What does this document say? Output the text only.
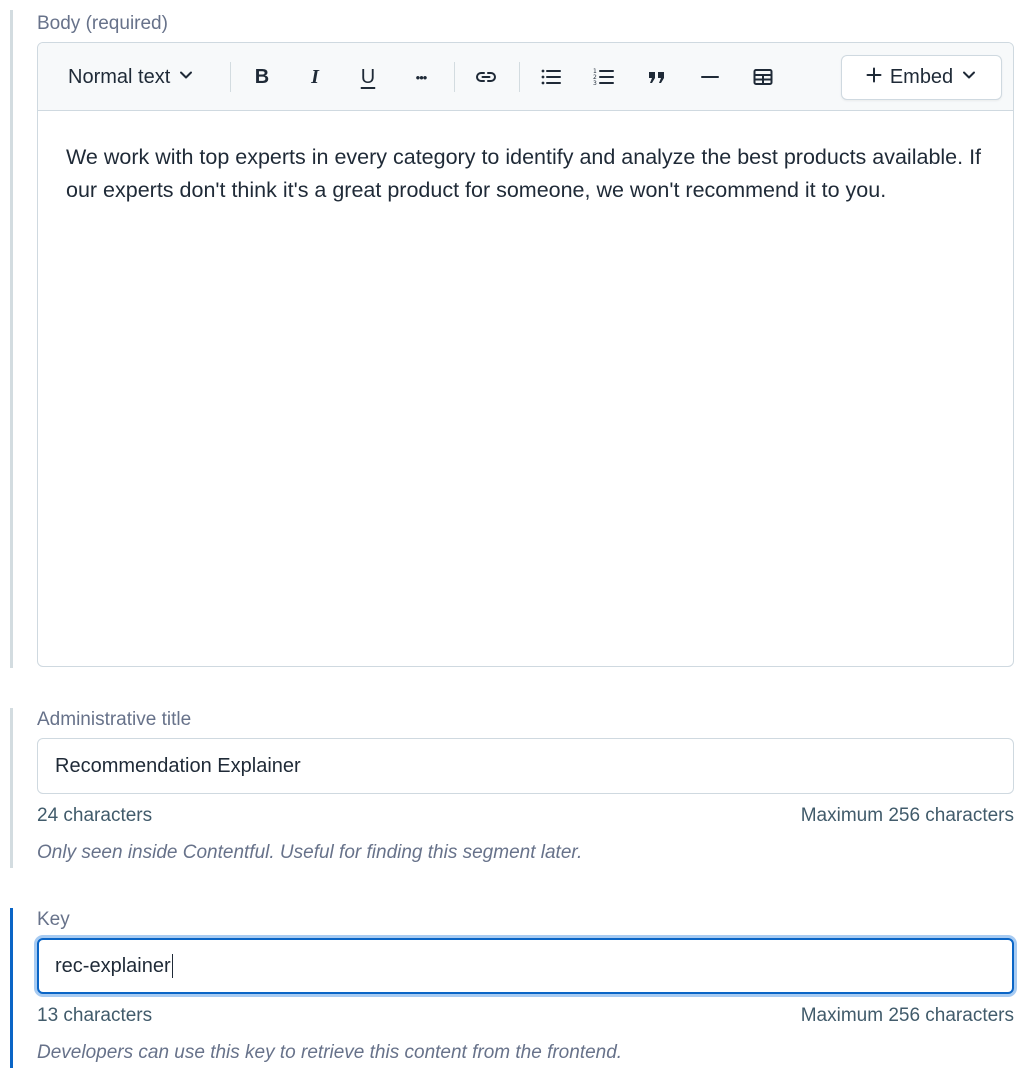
Body (required)
Normal text	B I U	•••	1
2
3	Embed
We work with top experts in every category to identify and analyze the best products available. If our experts don't think it's a great product for someone, we won't recommend it to you.
Administrative title
Recommendation Explainer
24 characters	Maximum 256 characters
Only seen inside Contentful. Useful for finding this segment later.
Key
rec-explainer
13 characters	Maximum 256 characters
Developers can use this key to retrieve this content from the frontend.
